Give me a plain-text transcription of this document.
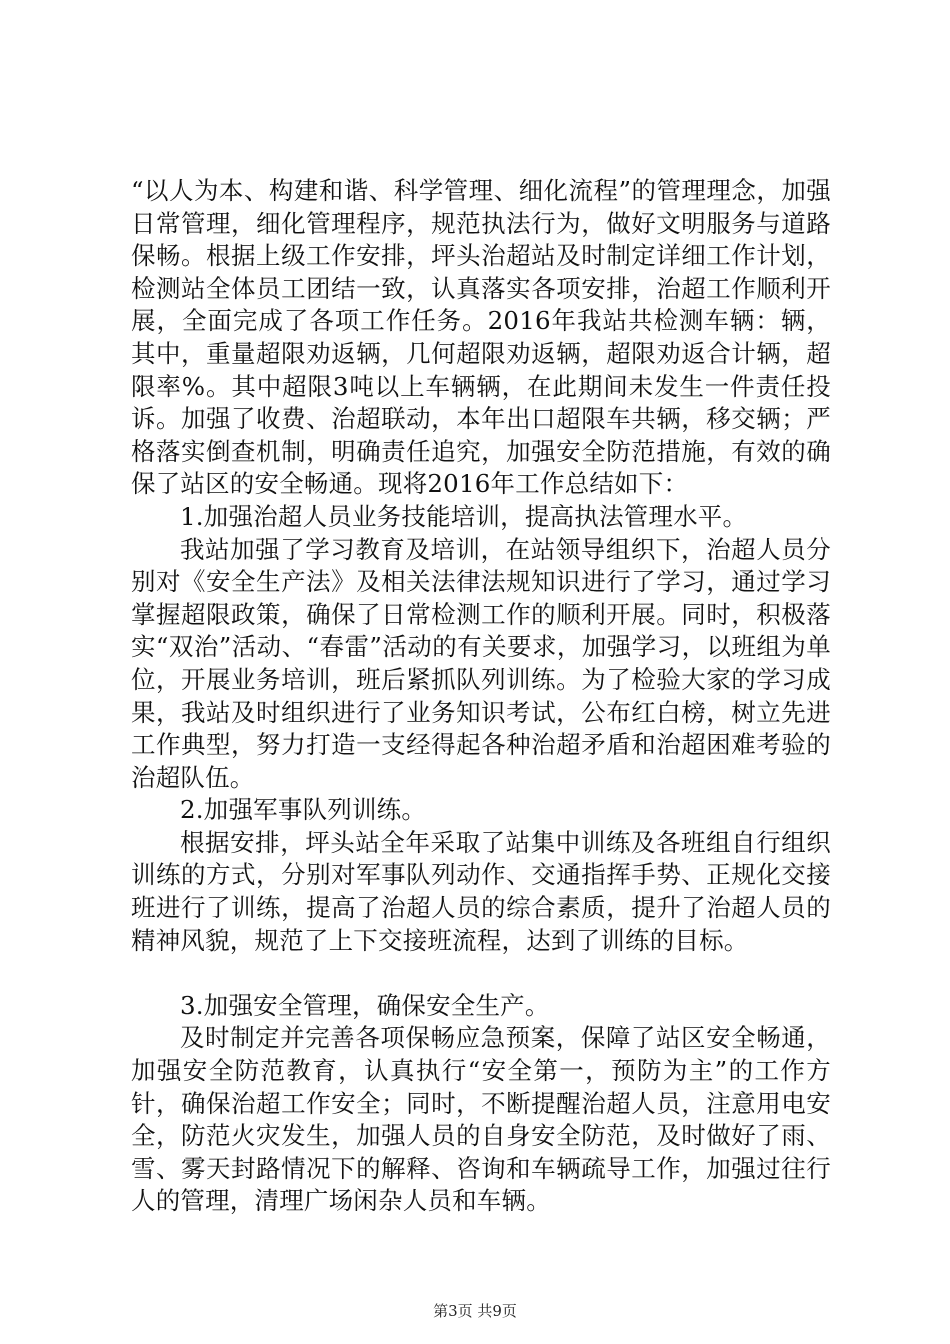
“以人为本、构建和谐、科学管理、细化流程”的管理理念，加强日常管理，细化管理程序，规范执法行为，做好文明服务与道路保畅。根据上级工作安排，坪头治超站及时制定详细工作计划，检测站全体员工团结一致，认真落实各项安排，治超工作顺利开展，全面完成了各项工作任务。2016年我站共检测车辆：辆，其中，重量超限劝返辆，几何超限劝返辆，超限劝返合计辆，超限率%。其中超限3吨以上车辆辆，在此期间未发生一件责任投诉。加强了收费、治超联动，本年出口超限车共辆，移交辆；严格落实倒查机制，明确责任追究，加强安全防范措施，有效的确保了站区的安全畅通。现将2016年工作总结如下：

1.加强治超人员业务技能培训，提高执法管理水平。

我站加强了学习教育及培训，在站领导组织下，治超人员分别对《安全生产法》及相关法律法规知识进行了学习，通过学习掌握超限政策，确保了日常检测工作的顺利开展。同时，积极落实“双治”活动、“春雷”活动的有关要求，加强学习，以班组为单位，开展业务培训，班后紧抓队列训练。为了检验大家的学习成果，我站及时组织进行了业务知识考试，公布红白榜，树立先进工作典型，努力打造一支经得起各种治超矛盾和治超困难考验的治超队伍。

2.加强军事队列训练。

根据安排，坪头站全年采取了站集中训练及各班组自行组织训练的方式，分别对军事队列动作、交通指挥手势、正规化交接班进行了训练，提高了治超人员的综合素质，提升了治超人员的精神风貌，规范了上下交接班流程，达到了训练的目标。

3.加强安全管理，确保安全生产。

及时制定并完善各项保畅应急预案，保障了站区安全畅通，加强安全防范教育，认真执行“安全第一，预防为主”的工作方针，确保治超工作安全；同时，不断提醒治超人员，注意用电安全，防范火灾发生，加强人员的自身安全防范，及时做好了雨、雪、雾天封路情况下的解释、咨询和车辆疏导工作，加强过往行人的管理，清理广场闲杂人员和车辆。

第3页 共9页
